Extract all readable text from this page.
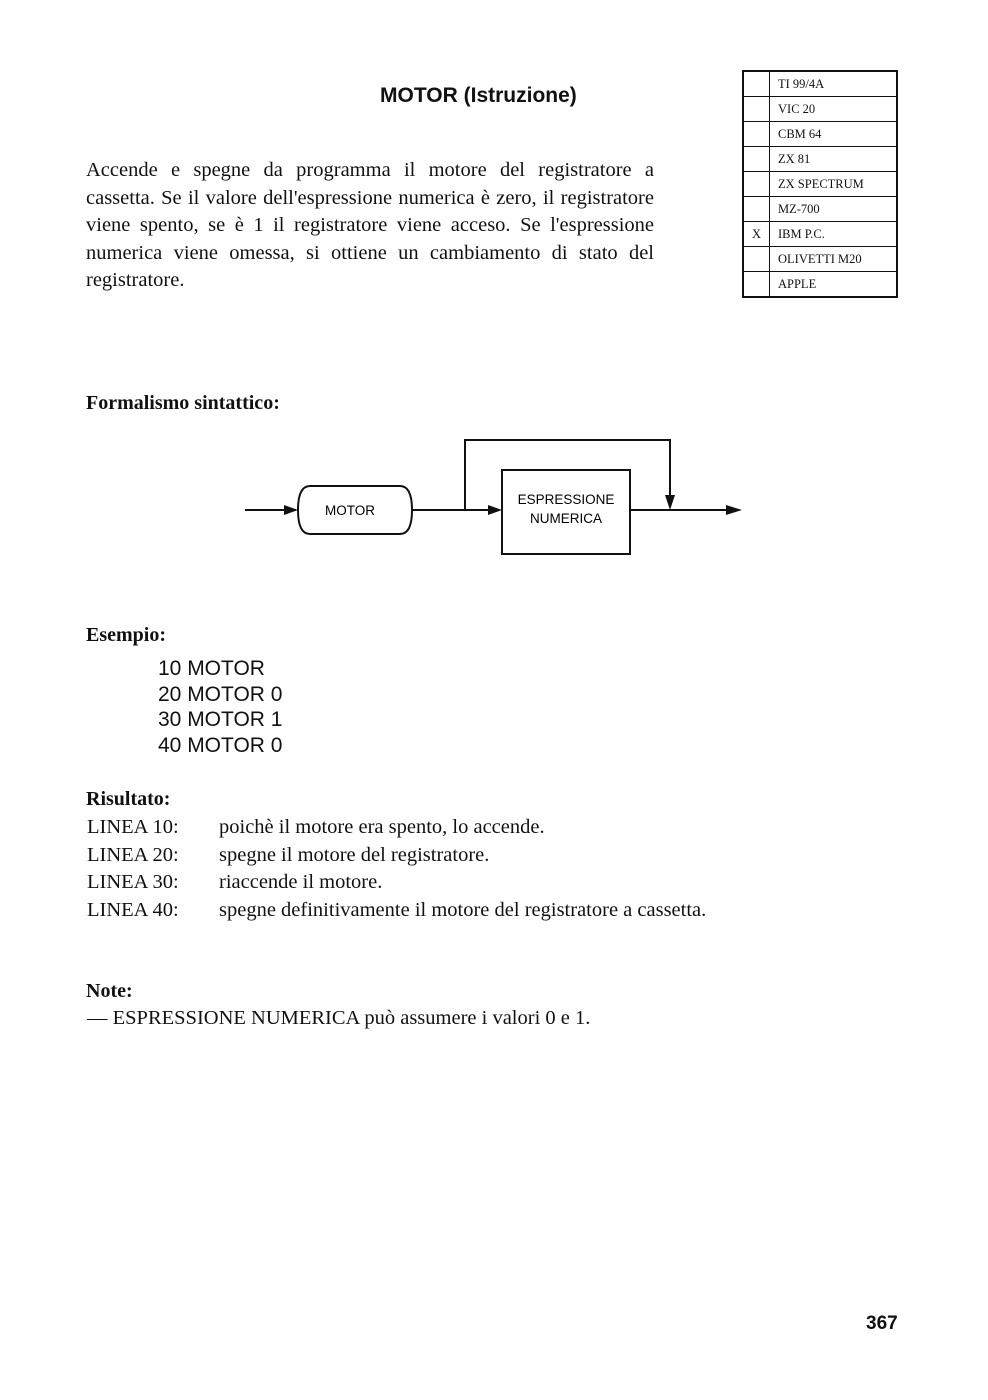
MOTOR (Istruzione)

Accende e spegne da programma il motore del registratore a cassetta. Se il valore dell'espressione numerica è zero, il registratore viene spento, se è 1 il registratore viene acceso. Se l'espressione numerica viene omessa, si ottiene un cambiamento di stato del registratore.

	TI 99/4A
	VIC 20
	CBM 64
	ZX 81
	ZX SPECTRUM
	MZ-700
X	IBM P.C.
	OLIVETTI M20
	APPLE
Formalismo sintattico:
MOTOR
ESPRESSIONE
NUMERICA
Esempio:
10 MOTOR
20 MOTOR 0
30 MOTOR 1
40 MOTOR 0
Risultato:
LINEA 10: poichè il motore era spento, lo accende.
LINEA 20: spegne il motore del registratore.
LINEA 30: riaccende il motore.
LINEA 40: spegne definitivamente il motore del registratore a cassetta.
Note:
— ESPRESSIONE NUMERICA può assumere i valori 0 e 1.
367
